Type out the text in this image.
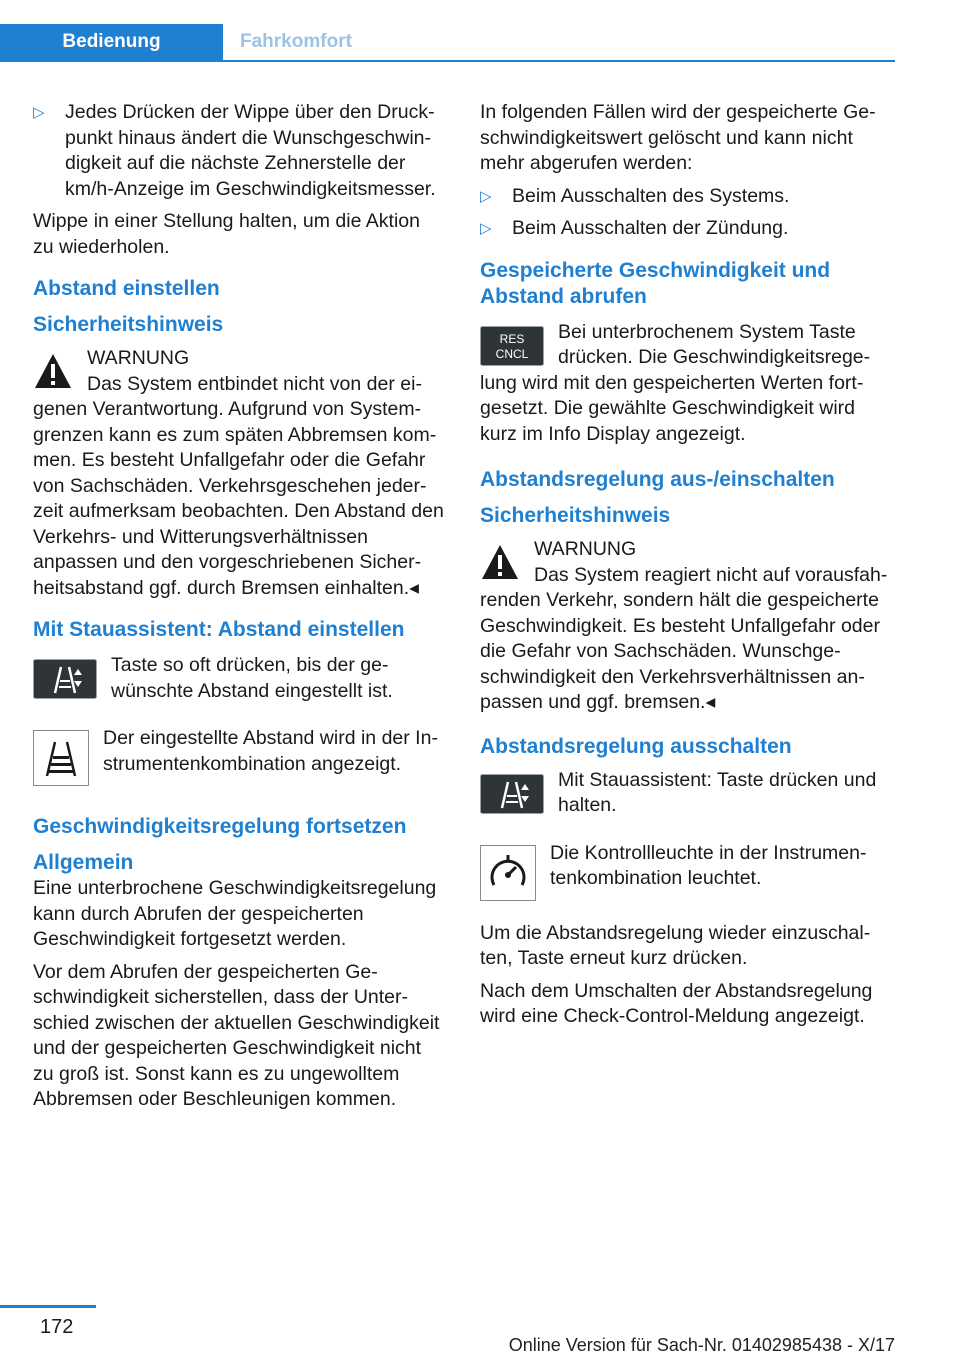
Bedienung	Fahrkomfort
▷ Jedes Drücken der Wippe über den Druckpunkt hinaus ändert die Wunschgeschwindigkeit auf die nächste Zehnerstelle der km/h-Anzeige im Geschwindigkeitsmesser.

Wippe in einer Stellung halten, um die Aktion zu wiederholen.

Abstand einstellen
Sicherheitshinweis
WARNUNG
Das System entbindet nicht von der eigenen Verantwortung. Aufgrund von Systemgrenzen kann es zum späten Abbremsen kommen. Es besteht Unfallgefahr oder die Gefahr von Sachschäden. Verkehrsgeschehen jederzeit aufmerksam beobachten. Den Abstand den Verkehrs- und Witterungsverhältnissen anpassen und den vorgeschriebenen Sicherheitsabstand ggf. durch Bremsen einhalten.◂
Mit Stauassistent: Abstand einstellen
Taste so oft drücken, bis der gewünschte Abstand eingestellt ist.
Der eingestellte Abstand wird in der Instrumentenkombination angezeigt.
Geschwindigkeitsregelung fortsetzen
Allgemein

Eine unterbrochene Geschwindigkeitsregelung kann durch Abrufen der gespeicherten Geschwindigkeit fortgesetzt werden.

Vor dem Abrufen der gespeicherten Geschwindigkeit sicherstellen, dass der Unterschied zwischen der aktuellen Geschwindigkeit und der gespeicherten Geschwindigkeit nicht zu groß ist. Sonst kann es zu ungewolltem Abbremsen oder Beschleunigen kommen.

In folgenden Fällen wird der gespeicherte Geschwindigkeitswert gelöscht und kann nicht mehr abgerufen werden:

▷ Beim Ausschalten des Systems.
▷ Beim Ausschalten der Zündung.
Gespeicherte Geschwindigkeit und Abstand abrufen
RES
CNCL
Bei unterbrochenem System Taste drücken. Die Geschwindigkeitsregelung wird mit den gespeicherten Werten fortgesetzt. Die gewählte Geschwindigkeit wird kurz im Info Display angezeigt.
Abstandsregelung aus-/einschalten
Sicherheitshinweis
WARNUNG
Das System reagiert nicht auf vorausfahrenden Verkehr, sondern hält die gespeicherte Geschwindigkeit. Es besteht Unfallgefahr oder die Gefahr von Sachschäden. Wunschgeschwindigkeit den Verkehrsverhältnissen anpassen und ggf. bremsen.◂
Abstandsregelung ausschalten
Mit Stauassistent: Taste drücken und halten.
Die Kontrollleuchte in der Instrumentenkombination leuchtet.

Um die Abstandsregelung wieder einzuschalten, Taste erneut kurz drücken.

Nach dem Umschalten der Abstandsregelung wird eine Check-Control-Meldung angezeigt.

172
Online Version für Sach-Nr. 01402985438 - X/17
